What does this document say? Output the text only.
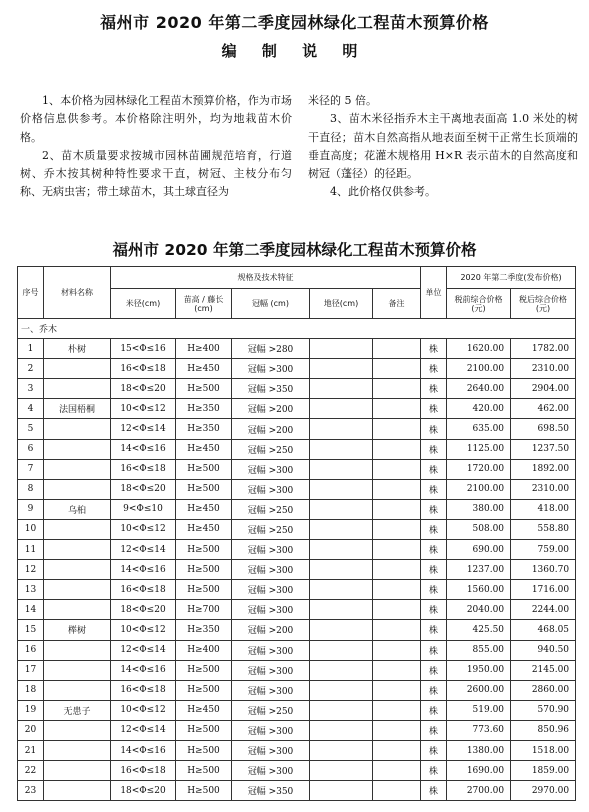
福州市 2020 年第二季度园林绿化工程苗木预算价格
编 制 说 明

1、本价格为园林绿化工程苗木预算价格，作为市场价格信息供参考。本价格除注明外，均为地栽苗木价格。

2、苗木质量要求按城市园林苗圃规范培育，行道树、乔木按其树种特性要求干直，树冠、主枝分布匀称、无病虫害；带土球苗木，其土球直径为

米径的 5 倍。

3、苗木米径指乔木主干离地表面高 1.0 米处的树干直径；苗木自然高指从地表面至树干正常生长顶端的垂直高度；花灌木规格用 H×R 表示苗木的自然高度和树冠（蓬径）的径距。

4、此价格仅供参考。

福州市 2020 年第二季度园林绿化工程苗木预算价格
序号	材料名称	规格及技术特征					单位	2020 年第二季度(发布价格)	
		米径(cm)	苗高 / 藤长 (cm)	冠幅 (cm)	地径(cm)	备注		税前综合价格(元)	税后综合价格(元)
一、乔木									
1	朴树	15<Φ≤16	H≥400	冠幅 >280			株	1620.00	1782.00
2		16<Φ≤18	H≥450	冠幅 >300			株	2100.00	2310.00
3		18<Φ≤20	H≥500	冠幅 >350			株	2640.00	2904.00
4	法国梧桐	10<Φ≤12	H≥350	冠幅 >200			株	420.00	462.00
5		12<Φ≤14	H≥350	冠幅 >200			株	635.00	698.50
6		14<Φ≤16	H≥450	冠幅 >250			株	1125.00	1237.50
7		16<Φ≤18	H≥500	冠幅 >300			株	1720.00	1892.00
8		18<Φ≤20	H≥500	冠幅 >300			株	2100.00	2310.00
9	乌桕	9<Φ≤10	H≥450	冠幅 >250			株	380.00	418.00
10		10<Φ≤12	H≥450	冠幅 >250			株	508.00	558.80
11		12<Φ≤14	H≥500	冠幅 >300			株	690.00	759.00
12		14<Φ≤16	H≥500	冠幅 >300			株	1237.00	1360.70
13		16<Φ≤18	H≥500	冠幅 >300			株	1560.00	1716.00
14		18<Φ≤20	H≥700	冠幅 >300			株	2040.00	2244.00
15	榉树	10<Φ≤12	H≥350	冠幅 >200			株	425.50	468.05
16		12<Φ≤14	H≥400	冠幅 >300			株	855.00	940.50
17		14<Φ≤16	H≥500	冠幅 >300			株	1950.00	2145.00
18		16<Φ≤18	H≥500	冠幅 >300			株	2600.00	2860.00
19	无患子	10<Φ≤12	H≥450	冠幅 >250			株	519.00	570.90
20		12<Φ≤14	H≥500	冠幅 >300			株	773.60	850.96
21		14<Φ≤16	H≥500	冠幅 >300			株	1380.00	1518.00
22		16<Φ≤18	H≥500	冠幅 >300			株	1690.00	1859.00
23		18<Φ≤20	H≥500	冠幅 >350			株	2700.00	2970.00
